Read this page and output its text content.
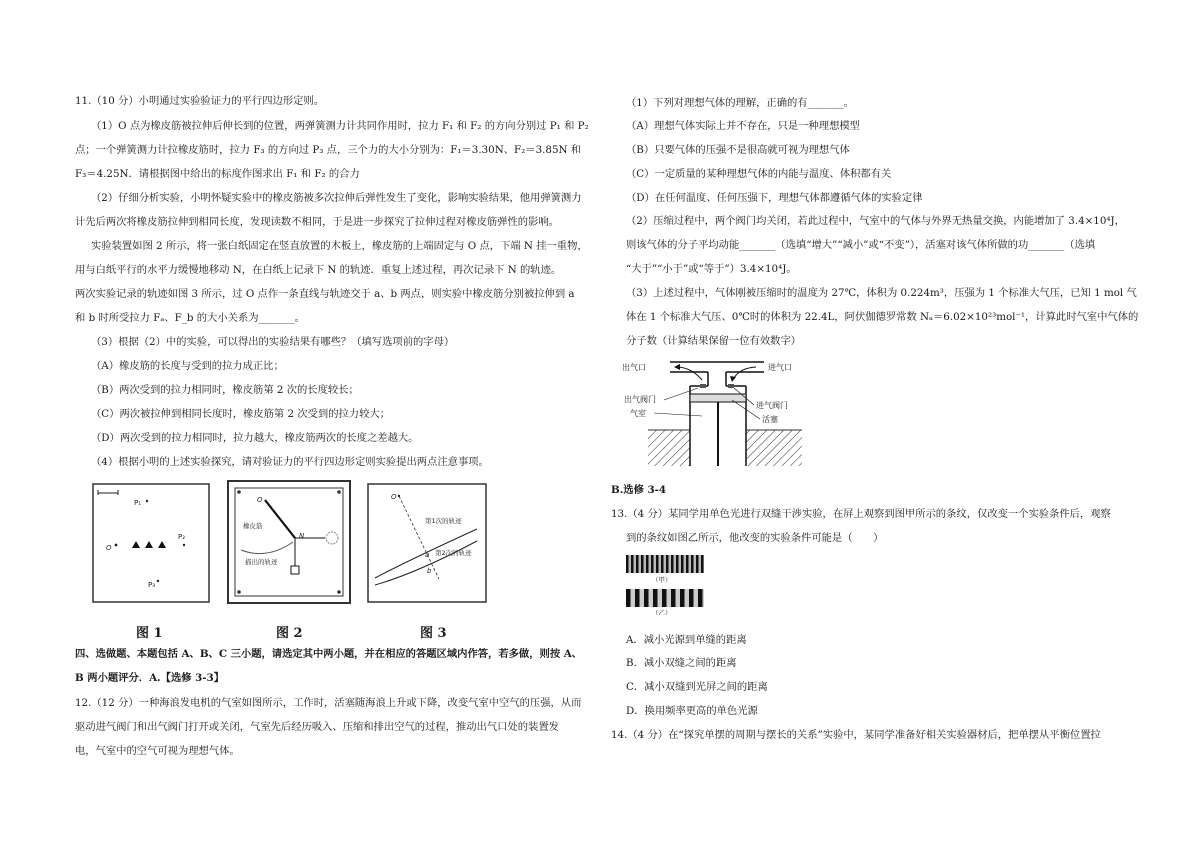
11.（10 分）小明通过实验验证力的平行四边形定则。
（1）O 点为橡皮筋被拉伸后伸长到的位置，两弹簧测力计共同作用时，拉力 F₁ 和 F₂ 的方向分别过 P₁ 和 P₂
点；一个弹簧测力计拉橡皮筋时，拉力 F₃ 的方向过 P₃ 点，三个力的大小分别为：F₁＝3.30N、F₂＝3.85N 和
F₃＝4.25N．请根据图中给出的标度作图求出 F₁ 和 F₂ 的合力
（2）仔细分析实验，小明怀疑实验中的橡皮筋被多次拉伸后弹性发生了变化，影响实验结果，他用弹簧测力
计先后两次将橡皮筋拉伸到相同长度，发现读数不相同，于是进一步探究了拉伸过程对橡皮筋弹性的影响。
实验装置如图 2 所示，将一张白纸固定在竖直放置的木板上，橡皮筋的上端固定与 O 点，下端 N 挂一重物，
用与白纸平行的水平力缓慢地移动 N，在白纸上记录下 N 的轨迹．重复上述过程，再次记录下 N 的轨迹。
两次实验记录的轨迹如图 3 所示，过 O 点作一条直线与轨迹交于 a、b 两点，则实验中橡皮筋分别被拉伸到 a
和 b 时所受拉力 Fₐ、F_b 的大小关系为_______。
（3）根据（2）中的实验，可以得出的实验结果有哪些？（填写选项前的字母）
（A）橡皮筋的长度与受到的拉力成正比；
（B）两次受到的拉力相同时，橡皮筋第 2 次的长度较长；
（C）两次被拉伸到相同长度时，橡皮筋第 2 次受到的拉力较大；
（D）两次受到的拉力相同时，拉力越大，橡皮筋两次的长度之差越大。
（4）根据小明的上述实验探究，请对验证力的平行四边形定则实验提出两点注意事项。
P₁
O
P₂
P₃
O
N
橡皮筋
描出的轨迹
O
第1次的轨迹
第2次的轨迹
a
b
图 1	图 2	图 3
四、选做题、本题包括 A、B、C 三小题，请选定其中两小题，并在相应的答题区域内作答，若多做，则按 A、
B 两小题评分．A.【选修 3-3】
12.（12 分）一种海浪发电机的气室如图所示，工作时，活塞随海浪上升或下降，改变气室中空气的压强，从而
驱动进气阀门和出气阀门打开或关闭，气室先后经历吸入、压缩和排出空气的过程，推动出气口处的装置发
电，气室中的空气可视为理想气体。
（1）下列对理想气体的理解，正确的有_______。
（A）理想气体实际上并不存在，只是一种理想模型
（B）只要气体的压强不是很高就可视为理想气体
（C）一定质量的某种理想气体的内能与温度、体积都有关
（D）在任何温度、任何压强下，理想气体都遵循气体的实验定律
（2）压缩过程中，两个阀门均关闭，若此过程中，气室中的气体与外界无热量交换，内能增加了 3.4×10⁴J，
则该气体的分子平均动能_______（选填“增大”“减小”或“不变”），活塞对该气体所做的功_______（选填
“大于”“小于”或“等于”）3.4×10⁴J。
（3）上述过程中，气体刚被压缩时的温度为 27℃，体积为 0.224m³，压强为 1 个标准大气压，已知 1 mol 气
体在 1 个标准大气压、0℃时的体积为 22.4L，阿伏伽德罗常数 Nₐ＝6.02×10²³mol⁻¹，计算此时气室中气体的
分子数（计算结果保留一位有效数字）
出气口	进气口
出气阀门
气室
进气阀门
活塞
B.选修 3-4
13.（4 分）某同学用单色光进行双缝干涉实验，在屏上观察到图甲所示的条纹，仅改变一个实验条件后，观察
到的条纹如图乙所示，他改变的实验条件可能是（　　）
（甲）
（乙）
A．减小光源到单缝的距离
B．减小双缝之间的距离
C．减小双缝到光屏之间的距离
D．换用频率更高的单色光源
14.（4 分）在“探究单摆的周期与摆长的关系”实验中，某同学准备好相关实验器材后，把单摆从平衡位置拉
